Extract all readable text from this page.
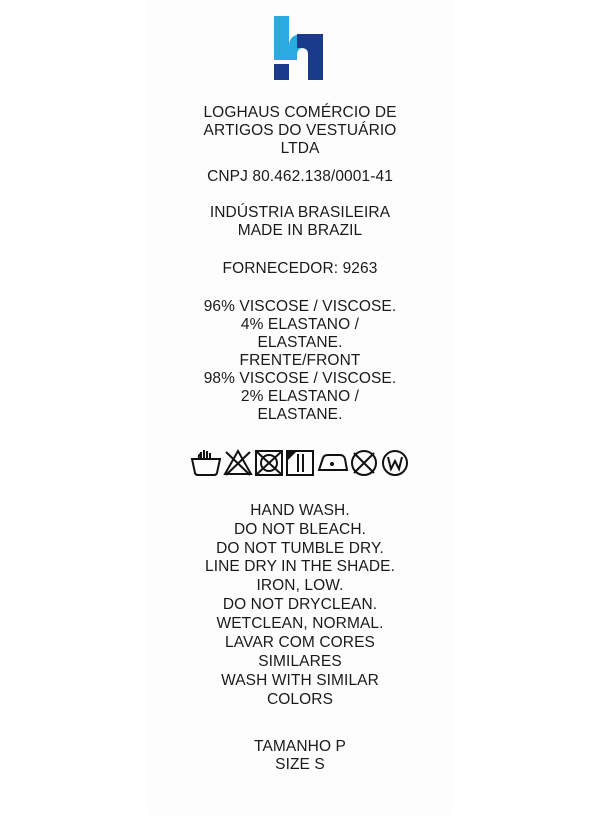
LOGHAUS COMÉRCIO DE
ARTIGOS DO VESTUÁRIO
LTDA
CNPJ 80.462.138/0001-41
INDÚSTRIA BRASILEIRA
MADE IN BRAZIL
FORNECEDOR: 9263
96% VISCOSE / VISCOSE.
4% ELASTANO /
ELASTANE.
FRENTE/FRONT
98% VISCOSE / VISCOSE.
2% ELASTANO /
ELASTANE.
HAND WASH.
DO NOT BLEACH.
DO NOT TUMBLE DRY.
LINE DRY IN THE SHADE.
IRON, LOW.
DO NOT DRYCLEAN.
WETCLEAN, NORMAL.
LAVAR COM CORES
SIMILARES
WASH WITH SIMILAR
COLORS
TAMANHO P
SIZE S
